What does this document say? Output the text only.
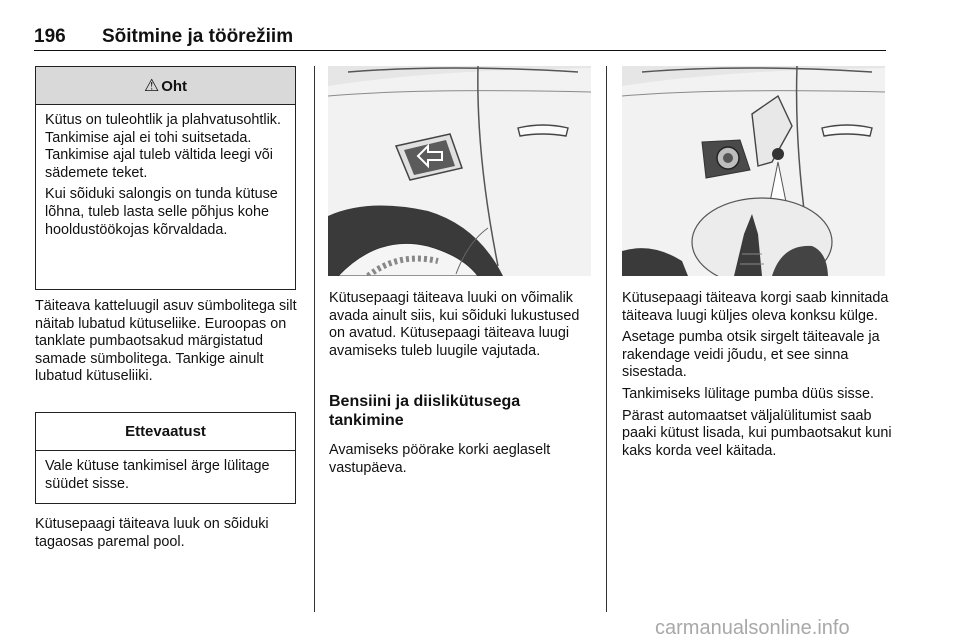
196 Sõitmine ja töörežiim
⚠ Oht

Kütus on tuleohtlik ja plahvatusohtlik. Tankimise ajal ei tohi suitsetada. Tankimise ajal tuleb vältida leegi või sädemete teket.

Kui sõiduki salongis on tunda kütuse lõhna, tuleb lasta selle põhjus kohe hooldustöökojas kõrvaldada.

Täiteava katteluugil asuv sümbolitega silt näitab lubatud kütuseliike. Euroopas on tanklate pumbaotsakud märgistatud samade sümbolitega. Tankige ainult lubatud kütuseliiki.

Ettevaatust

Vale kütuse tankimisel ärge lülitage süüdet sisse.

Kütusepaagi täiteava luuk on sõiduki tagaosas paremal pool.

Kütusepaagi täiteava luuki on võimalik avada ainult siis, kui sõiduki lukustused on avatud. Kütusepaagi täiteava luugi avamiseks tuleb luugile vajutada.

Bensiini ja diislikütusega tankimine

Avamiseks pöörake korki aeglaselt vastupäeva.

Kütusepaagi täiteava korgi saab kinnitada täiteava luugi küljes oleva konksu külge.

Asetage pumba otsik sirgelt täiteavale ja rakendage veidi jõudu, et see sinna sisestada.

Tankimiseks lülitage pumba düüs sisse.

Pärast automaatset väljalülitumist saab paaki kütust lisada, kui pumbaotsakut kuni kaks korda veel käitada.

carmanualsonline.info
